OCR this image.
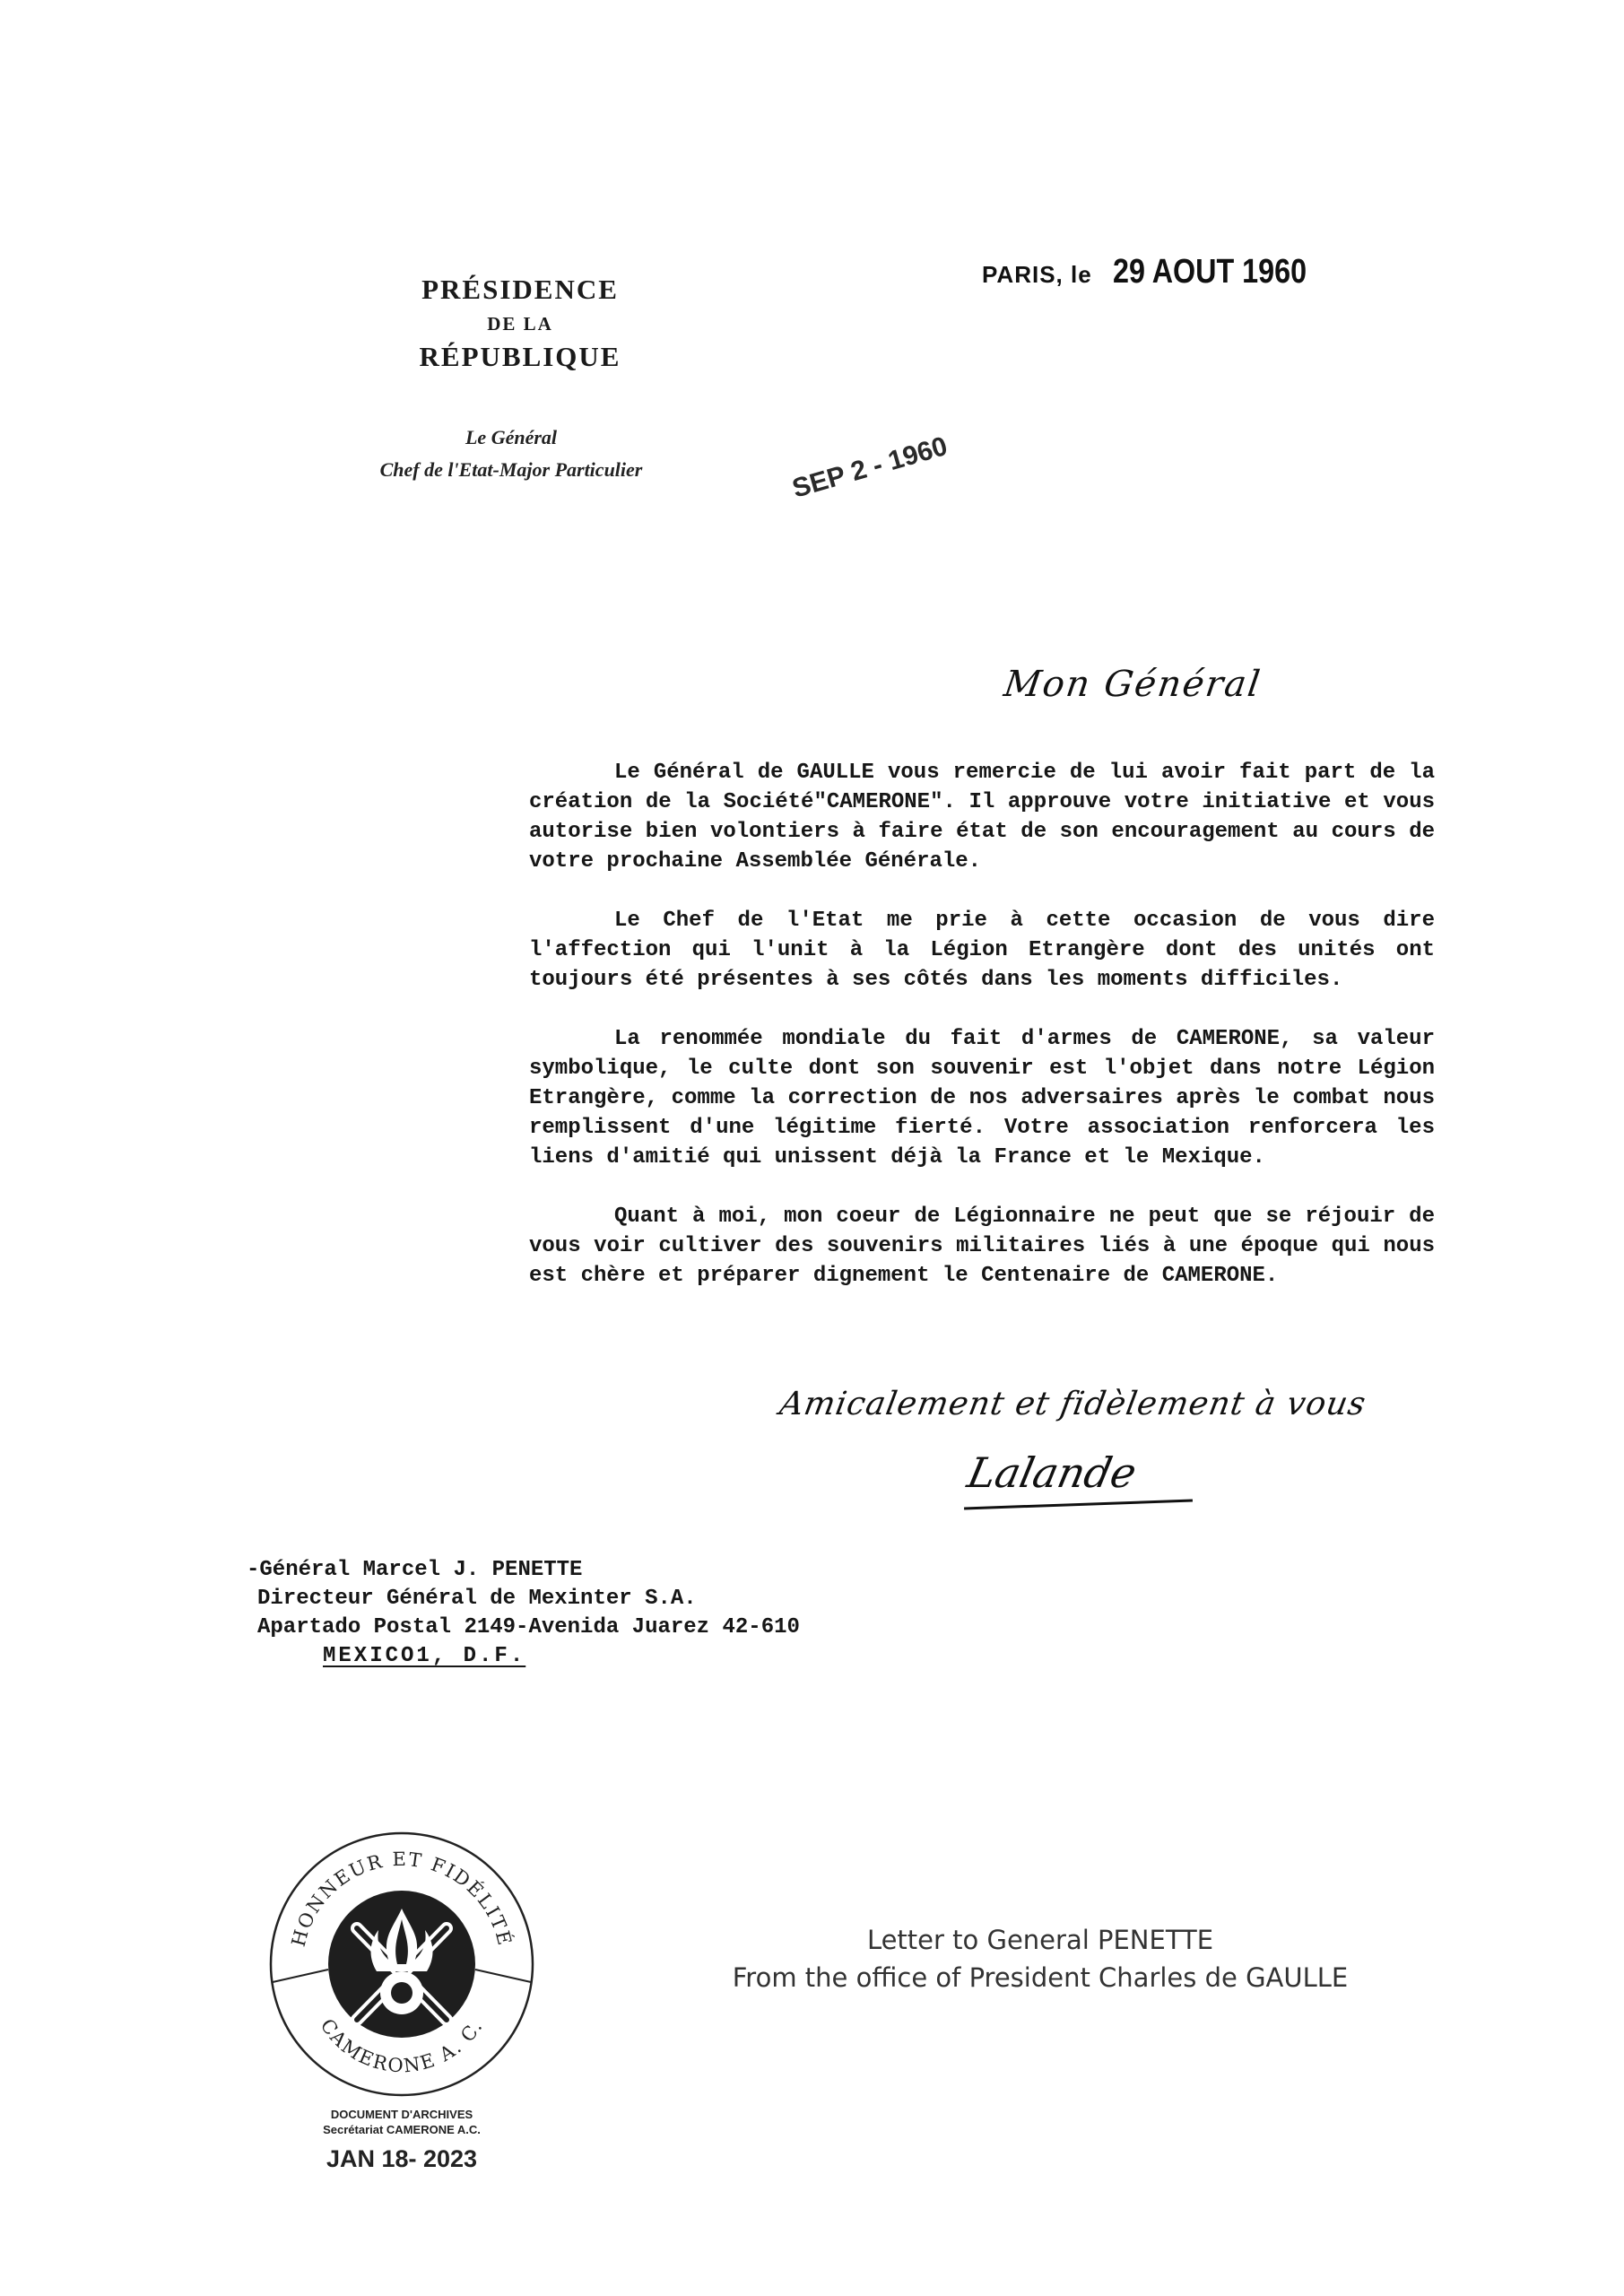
PRÉSIDENCE
DE LA
RÉPUBLIQUE
Le Général
Chef de l'Etat-Major Particulier
PARIS, le 29 AOUT 1960
SEP 2 - 1960
Mon Général

Le Général de GAULLE vous remercie de lui avoir fait part de la création de la Société"CAMERONE". Il approuve votre initiative et vous autorise bien volontiers à faire état de son encouragement au cours de votre prochaine Assemblée Générale.

Le Chef de l'Etat me prie à cette occasion de vous dire l'affection qui l'unit à la Légion Etrangère dont des unités ont toujours été présentes à ses côtés dans les moments difficiles.

La renommée mondiale du fait d'armes de CAMERONE, sa valeur symbolique, le culte dont son souvenir est l'objet dans notre Légion Etrangère, comme la correction de nos adversaires après le combat nous remplissent d'une légitime fierté. Votre association renforcera les liens d'amitié qui unissent déjà la France et le Mexique.

Quant à moi, mon coeur de Légionnaire ne peut que se réjouir de vous voir cultiver des souvenirs militaires liés à une époque qui nous est chère et préparer dignement le Centenaire de CAMERONE.

Amicalement et fidèlement à vous
Lalande
-Général Marcel J. PENETTE
Directeur Général de Mexinter S.A.
Apartado Postal 2149-Avenida Juarez 42-610
MEXICO1, D.F.
HONNEUR ET FIDÉLITÉ
CAMERONE A. C.
DOCUMENT D'ARCHIVES
Secrétariat CAMERONE A.C.
JAN 18- 2023
Letter to General PENETTE
From the office of President Charles de GAULLE
